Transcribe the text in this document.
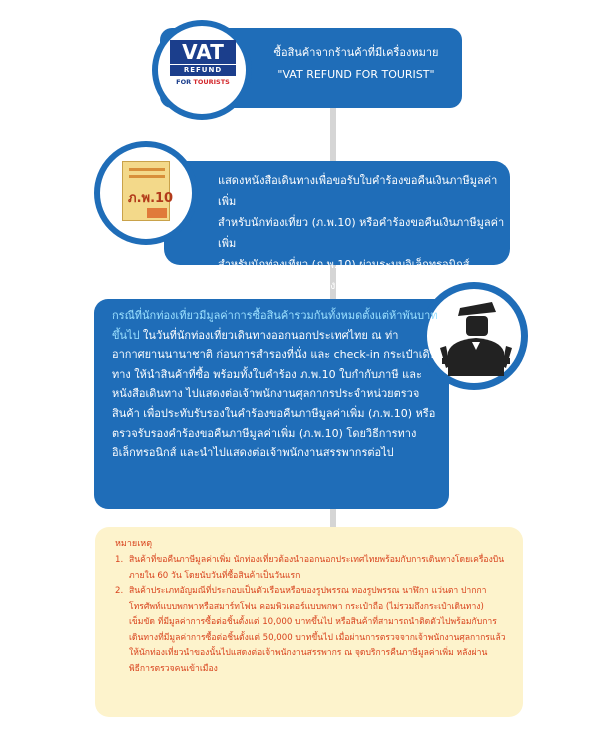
VAT
REFUND
FOR TOURISTS
ซื้อสินค้าจากร้านค้าที่มีเครื่องหมาย
"VAT REFUND FOR TOURIST"
ภ.พ.10
แสดงหนังสือเดินทางเพื่อขอรับใบคำร้องขอคืนเงินภาษีมูลค่าเพิ่ม
สำหรับนักท่องเที่ยว (ภ.พ.10) หรือคำร้องขอคืนเงินภาษีมูลค่าเพิ่ม
สำหรับนักท่องเที่ยว (ภ.พ.10) ผ่านระบบอิเล็กทรอนิกส์
และใบกำกับภาษีจากทางร้านค้า ในวันที่ซื้อสินค้า
กรณีที่นักท่องเที่ยวมีมูลค่าการซื้อสินค้ารวมกันทั้งหมดตั้งแต่ห้าพันบาทขึ้นไป ในวันที่นักท่องเที่ยวเดินทางออกนอกประเทศไทย ณ ท่าอากาศยานนานาชาติ ก่อนการสำรองที่นั่ง และ check-in กระเป๋าเดินทาง ให้นำสินค้าที่ซื้อ พร้อมทั้งใบคำร้อง ภ.พ.10 ใบกำกับภาษี และหนังสือเดินทาง ไปแสดงต่อเจ้าพนักงานศุลกากรประจำหน่วยตรวจสินค้า เพื่อประทับรับรองในคำร้องขอคืนภาษีมูลค่าเพิ่ม (ภ.พ.10) หรือตรวจรับรองคำร้องขอคืนภาษีมูลค่าเพิ่ม (ภ.พ.10) โดยวิธีการทางอิเล็กทรอนิกส์ และนำไปแสดงต่อเจ้าพนักงานสรรพากรต่อไป
หมายเหตุ
1. สินค้าที่ขอคืนภาษีมูลค่าเพิ่ม นักท่องเที่ยวต้องนำออกนอกประเทศไทยพร้อมกับการเดินทางโดยเครื่องบิน ภายใน 60 วัน โดยนับวันที่ซื้อสินค้าเป็นวันแรก
2. สินค้าประเภทอัญมณีที่ประกอบเป็นตัวเรือนหรือของรูปพรรณ ทองรูปพรรณ นาฬิกา แว่นตา ปากกา โทรศัพท์แบบพกพาหรือสมาร์ทโฟน คอมพิวเตอร์แบบพกพา กระเป๋าถือ (ไม่รวมถึงกระเป๋าเดินทาง) เข็มขัด ที่มีมูลค่าการซื้อต่อชิ้นตั้งแต่ 10,000 บาทขึ้นไป หรือสินค้าที่สามารถนำติดตัวไปพร้อมกับการเดินทางที่มีมูลค่าการซื้อต่อชิ้นตั้งแต่ 50,000 บาทขึ้นไป เมื่อผ่านการตรวจจากเจ้าพนักงานศุลกากรแล้ว ให้นักท่องเที่ยวนำของนั้นไปแสดงต่อเจ้าพนักงานสรรพากร ณ จุดบริการคืนภาษีมูลค่าเพิ่ม หลังผ่านพิธีการตรวจคนเข้าเมือง
